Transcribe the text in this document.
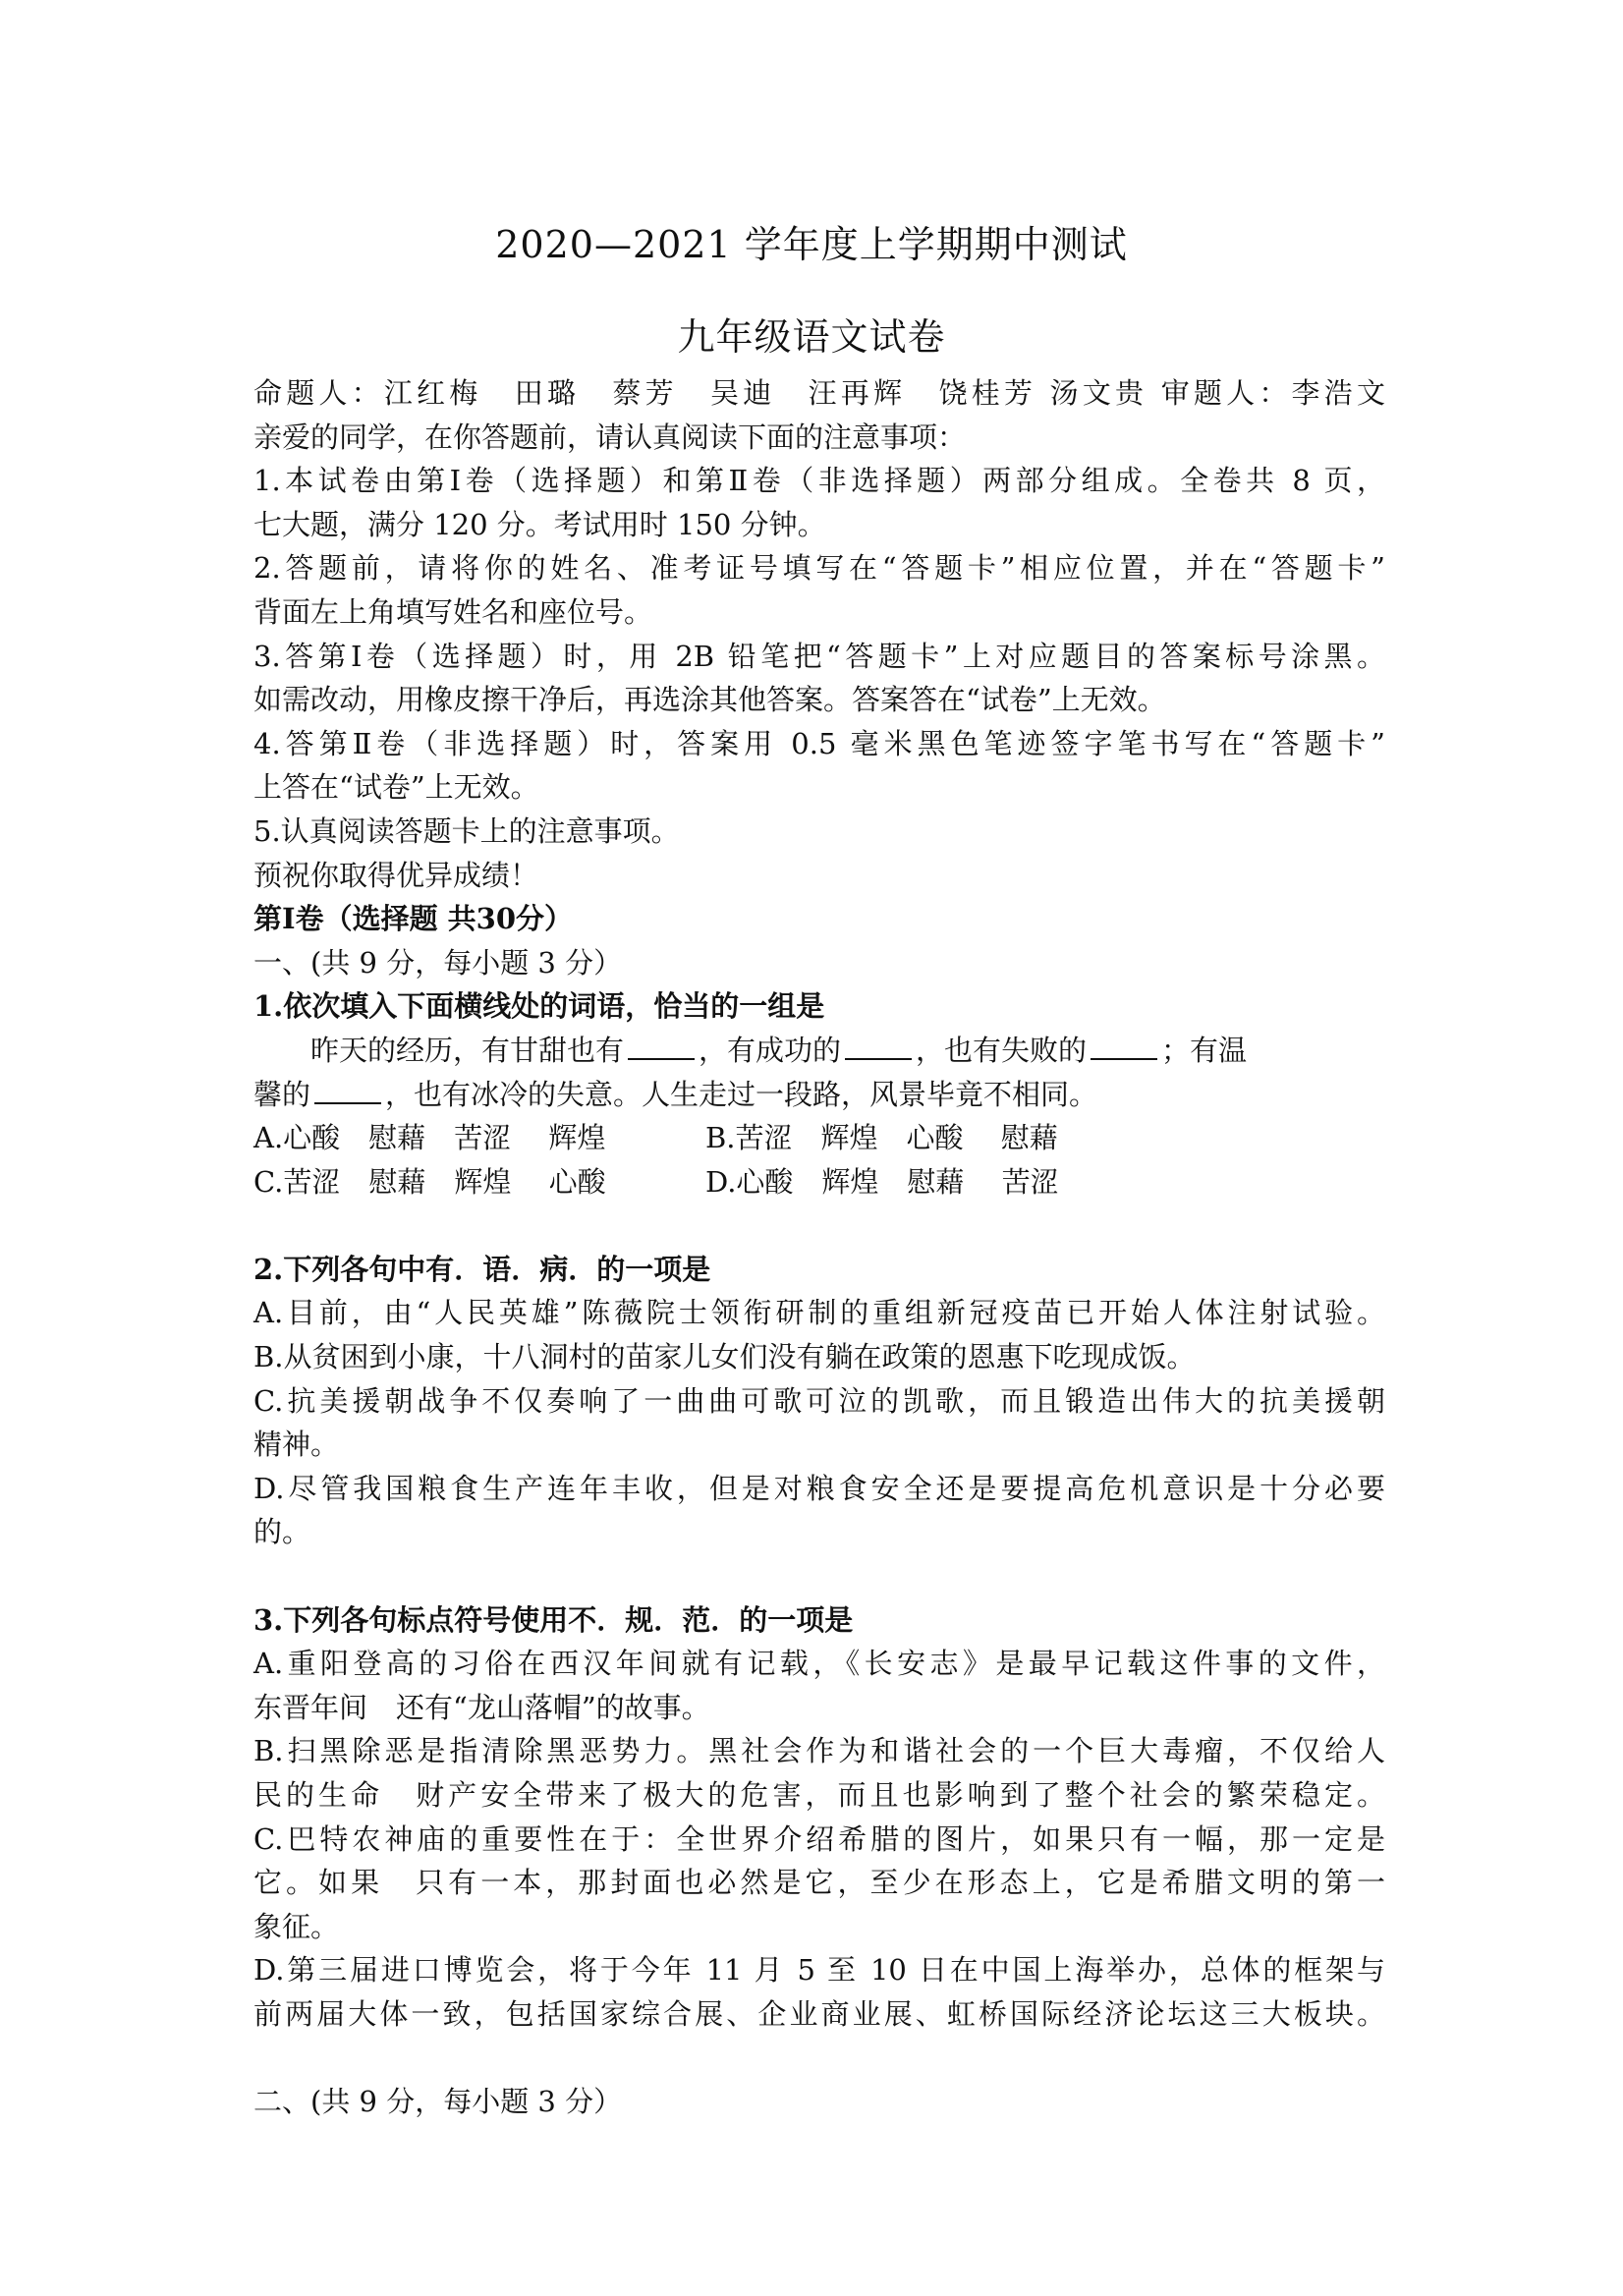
2020—2021 学年度上学期期中测试
九年级语文试卷
命题人：江红梅　田璐　蔡芳　吴迪　汪再辉　饶桂芳 汤文贵 审题人：李浩文
亲爱的同学，在你答题前，请认真阅读下面的注意事项：
1.本试卷由第Ⅰ卷（选择题）和第Ⅱ卷（非选择题）两部分组成。全卷共 8 页，
七大题，满分 120 分。考试用时 150 分钟。
2.答题前，请将你的姓名、准考证号填写在“答题卡”相应位置，并在“答题卡”
背面左上角填写姓名和座位号。
3.答第Ⅰ卷（选择题）时，用 2B 铅笔把“答题卡”上对应题目的答案标号涂黑。
如需改动，用橡皮擦干净后，再选涂其他答案。答案答在“试卷”上无效。
4.答第Ⅱ卷（非选择题）时，答案用 0.5 毫米黑色笔迹签字笔书写在“答题卡”
上答在“试卷”上无效。
5.认真阅读答题卡上的注意事项。
预祝你取得优异成绩！
第Ⅰ卷（选择题 共30分）
一、(共 9 分，每小题 3 分）
1.依次填入下面横线处的词语，恰当的一组是
昨天的经历，有甘甜也有	，有成功的	，也有失败的	；有温
馨的	，也有冰冷的失意。人生走过一段路，风景毕竟不相同。
A.心酸　慰藉　苦涩　 辉煌	B.苦涩　辉煌　心酸　 慰藉
C.苦涩　慰藉　辉煌　 心酸	D.心酸　辉煌　慰藉　 苦涩
2.下列各句中有．语．病．的一项是
A.目前，由“人民英雄”陈薇院士领衔研制的重组新冠疫苗已开始人体注射试验。
B.从贫困到小康，十八洞村的苗家儿女们没有躺在政策的恩惠下吃现成饭。
C.抗美援朝战争不仅奏响了一曲曲可歌可泣的凯歌，而且锻造出伟大的抗美援朝
精神。
D.尽管我国粮食生产连年丰收，但是对粮食安全还是要提高危机意识是十分必要
的。
3.下列各句标点符号使用不．规．范．的一项是
A.重阳登高的习俗在西汉年间就有记载，《长安志》是最早记载这件事的文件，
东晋年间　还有“龙山落帽”的故事。
B.扫黑除恶是指清除黑恶势力。黑社会作为和谐社会的一个巨大毒瘤，不仅给人
民的生命　财产安全带来了极大的危害，而且也影响到了整个社会的繁荣稳定。
C.巴特农神庙的重要性在于：全世界介绍希腊的图片，如果只有一幅，那一定是
它。如果　只有一本，那封面也必然是它，至少在形态上，它是希腊文明的第一
象征。
D.第三届进口博览会，将于今年 11 月 5 至 10 日在中国上海举办，总体的框架与
前两届大体一致，包括国家综合展、企业商业展、虹桥国际经济论坛这三大板块。
二、(共 9 分，每小题 3 分）
